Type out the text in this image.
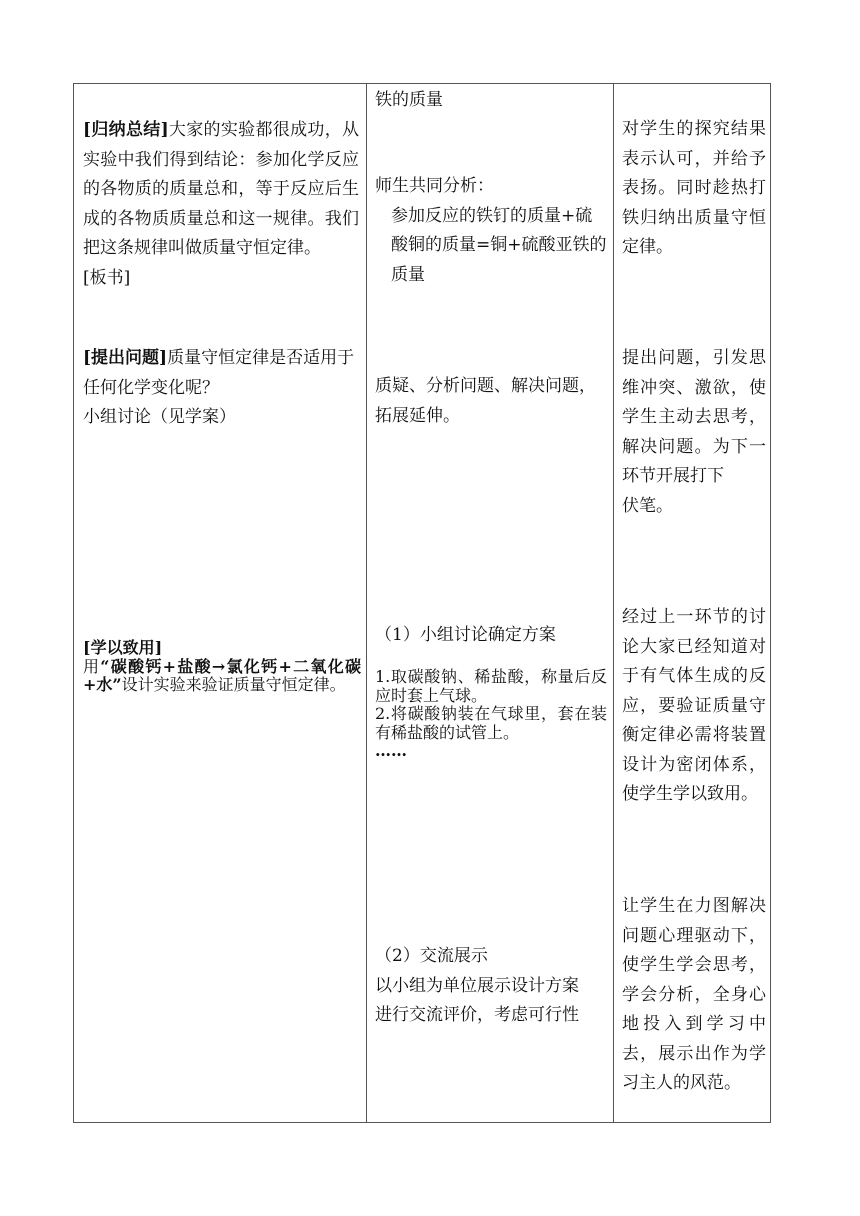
[归纳总结]大家的实验都很成功，从实验中我们得到结论：参加化学反应的各物质的质量总和，等于反应后生成的各物质质量总和这一规律。我们把这条规律叫做质量守恒定律。

[板书]

[提出问题]质量守恒定律是否适用于任何化学变化呢？

小组讨论（见学案）

[学以致用]

用“碳酸钙+盐酸→氯化钙+二氧化碳+水”设计实验来验证质量守恒定律。

铁的质量

师生共同分析：

参加反应的铁钉的质量+硫酸铜的质量=铜+硫酸亚铁的质量

质疑、分析问题、解决问题，拓展延伸。
（1）小组讨论确定方案

1.取碳酸钠、稀盐酸，称量后反应时套上气球。

2.将碳酸钠装在气球里，套在装有稀盐酸的试管上。

……

（2）交流展示

以小组为单位展示设计方案

进行交流评价，考虑可行性

对学生的探究结果表示认可，并给予表扬。同时趁热打铁归纳出质量守恒定律。

提出问题，引发思维冲突、激欲，使学生主动去思考，解决问题。为下一环节开展打下

伏笔。

经过上一环节的讨论大家已经知道对于有气体生成的反应，要验证质量守衡定律必需将装置设计为密闭体系，使学生学以致用。
让学生在力图解决问题心理驱动下，使学生学会思考，学会分析，全身心地投入到学习中去，展示出作为学习主人的风范。
